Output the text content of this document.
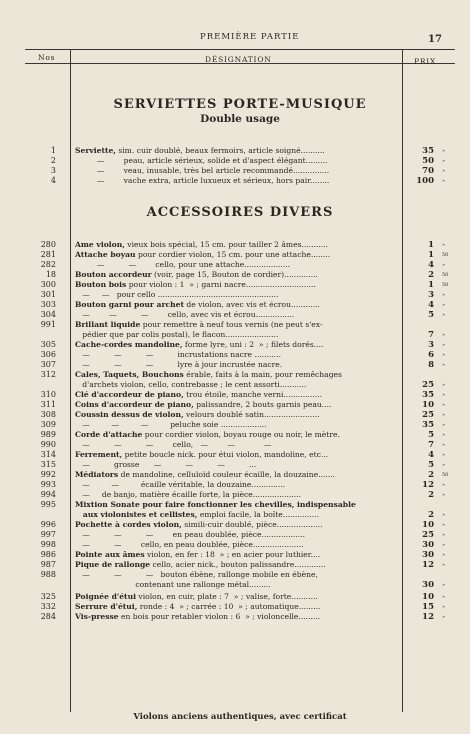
PREMIÈRE PARTIE	17
Nos	DÉSIGNATION	PRIX
SERVIETTES PORTE-MUSIQUE
Double usage
ACCESSOIRES DIVERS
1	Serviette, sim. cuir doublé, beaux fermoirs, article soigné..........	35 »
2	—        peau, article sérieux, solide et d'aspect élégant.........	50 »
3	—        veau, inusable, très bel article recommandé...............	70 »
4	—        vache extra, article luxueux et sérieux, hors pair........	100 »
280	Ame violon, vieux bois spécial, 15 cm. pour tailler 2 âmes...........	1 »
281	Attache boyau pour cordier violon, 15 cm. pour une attache........	1 50
282	—          —        cello, pour une attache...................	4 »
18	Bouton accordeur (voir, page 15, Bouton de cordier)..............	2 50
300	Bouton bois pour violon : 1  » ; garni nacre.............................	1 50
301	—     —   pour cello ..................................................	3 »
303	Bouton garni pour archet de violon, avec vis et écrou............	4 »
304	—        —          —        cello, avec vis et écrou................	5 »
991	Brillant liquide pour remettre à neuf tous vernis (ne peut s'ex-
pédier que par colis postal), le flacon......................	7 »
305	Cache-cordes mandoline, forme lyre, uni : 2  » ; filets dorés....	3 »
306	—          —          —          incrustations nacre ...........	6 »
307	—          —          —          lyre à jour incrustée nacre.	8 »
312	Cales, Taquets, Bouchons érable, faits à la main, pour remêchages
d'archets violon, cello, contrebasse ; le cent assorti...........	25 »
310	Clé d'accordeur de piano, trou étoile, manche verni................	35 »
311	Coins d'accordeur de piano, palissandre, 2 bouts garnis peau....	10 »
308	Coussin dessus de violon, velours doublé satin.......................	25 »
309	—         —         —         peluche soie ...................	35 »
989	Corde d'attache pour cordier violon, boyau rouge ou noir, le mètre.	5 »
990	—          —          —        cello,   —        —            —	7 »
314	Ferrement, petite boucle nick. pour étui violon, mandoline, etc...	4 »
315	—          grosse      —          —          —          ...	5 »
992	Médiators de mandoline, celluloïd couleur écaille, la douzaine.......	2 50
993	—         —         écaille véritable, la douzaine..............	12 »
994	—     de banjo, matière écaille forte, la pièce....................	2 »
995	Mixtion Sonate pour faire fonctionner les chevilles, indispensable
aux violonistes et cellistes, emploi facile, la boîte...............	2 »
996	Pochette à cordes violon, simili-cuir doublé, pièce...................	10 »
997	—          —          —        en peau doublée, pièce..................	25 »
998	—          —        cello, en peau doublée, pièce.....................	30 »
986	Pointe aux âmes violon, en fer : 18  » ; en acier pour luthier....	30 »
987	Pique de rallonge cello, acier nick., bouton palissandre.............	12 »
988	—          —          —   bouton ébène, rallonge mobile en ébène,
contenant une rallonge métal.........	30 »
325	Poignée d'étui violon, en cuir, plate : 7  » ; valise, forte...........	10 »
332	Serrure d'étui, ronde : 4  » ; carrée : 10  » ; automatique.........	15 »
284	Vis-presse en bois pour retabler violon : 6  » ; violoncelle.........	12 »
Violons anciens authentiques, avec certificat
